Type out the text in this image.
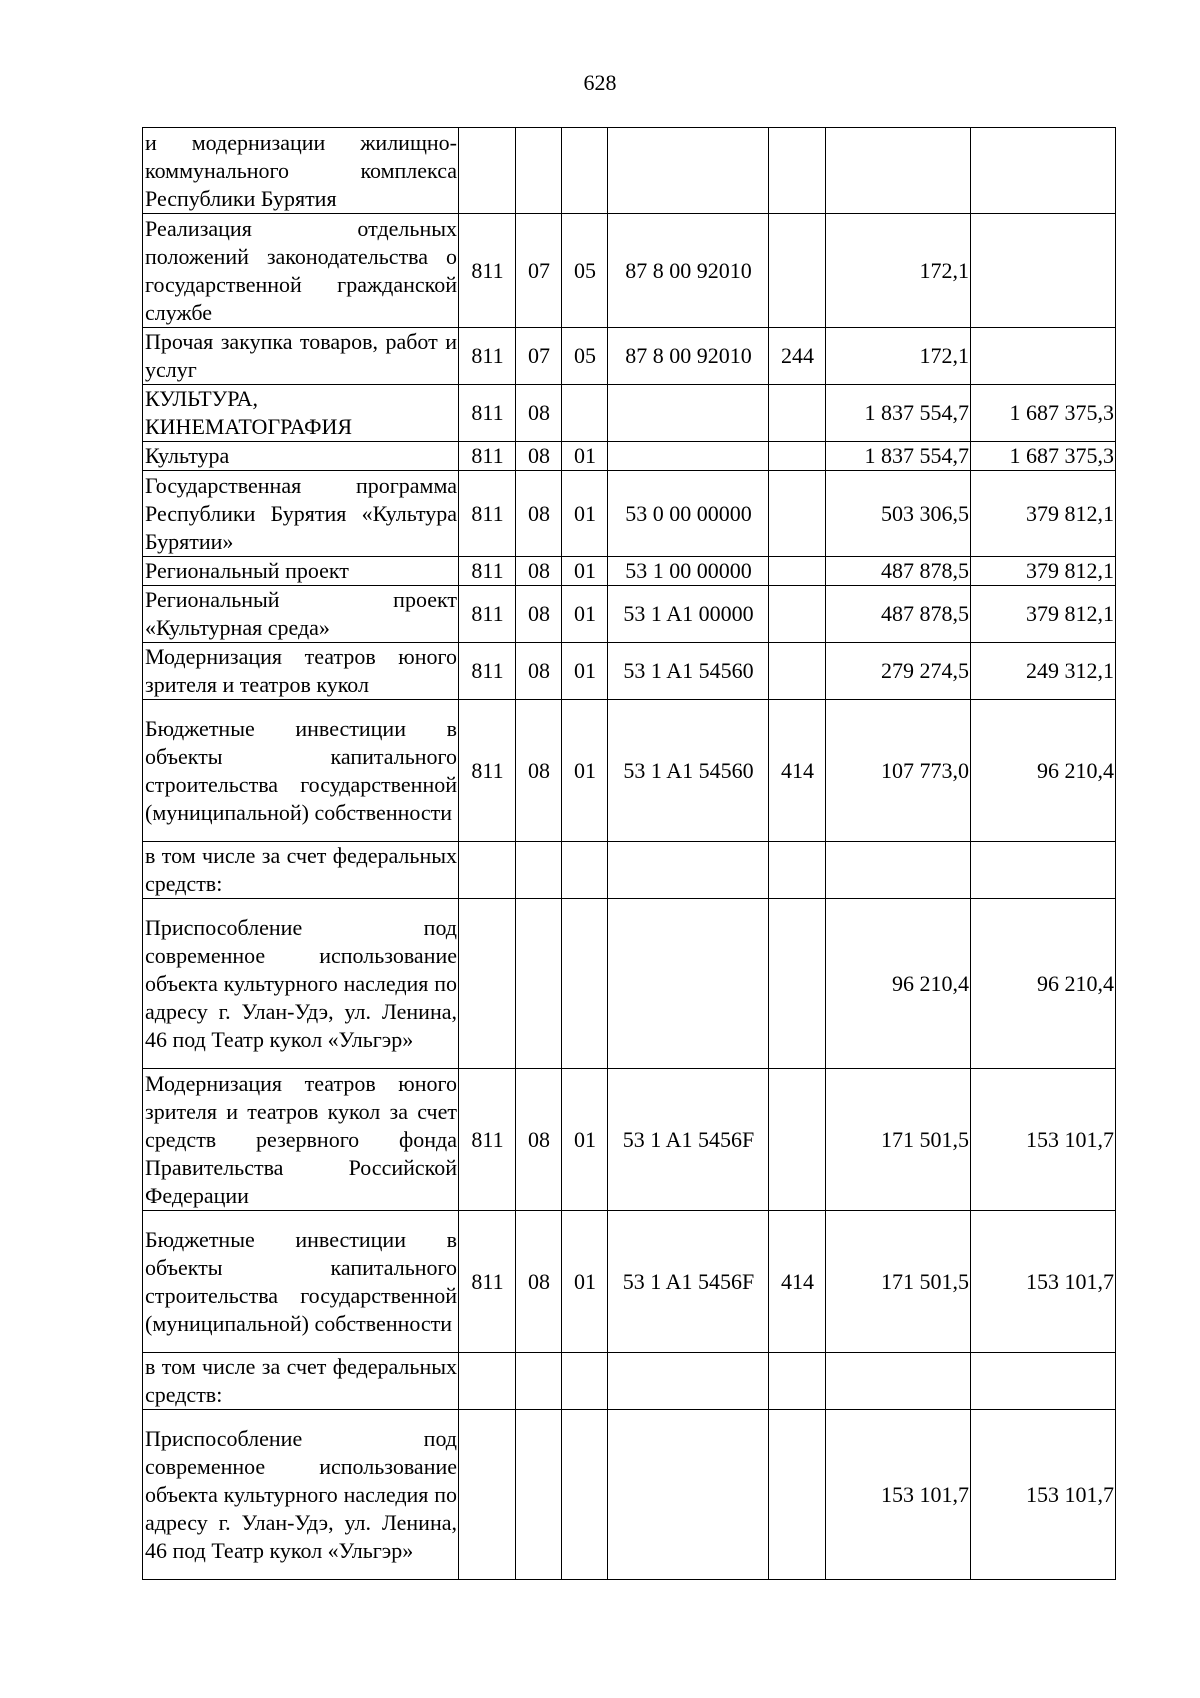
628
и модернизации жилищно-коммунального комплекса Республики Бурятия							
Реализация отдельных положений законодательства о государственной гражданской службе	811	07	05	87 8 00 92010		172,1	
Прочая закупка товаров, работ и услуг	811	07	05	87 8 00 92010	244	172,1	
КУЛЬТУРА, КИНЕМАТОГРАФИЯ	811	08				1 837 554,7	1 687 375,3
Культура	811	08	01			1 837 554,7	1 687 375,3
Государственная программа Республики Бурятия «Культура Бурятии»	811	08	01	53 0 00 00000		503 306,5	379 812,1
Региональный проект	811	08	01	53 1 00 00000		487 878,5	379 812,1
Региональный проект «Культурная среда»	811	08	01	53 1 A1 00000		487 878,5	379 812,1
Модернизация театров юного зрителя и театров кукол	811	08	01	53 1 A1 54560		279 274,5	249 312,1
Бюджетные инвестиции в объекты капитального строительства государственной (муниципальной) собственности	811	08	01	53 1 A1 54560	414	107 773,0	96 210,4
в том числе за счет федеральных средств:							
Приспособление под современное использование объекта культурного наследия по адресу г. Улан-Удэ, ул. Ленина, 46 под Театр кукол «Ульгэр»						96 210,4	96 210,4
Модернизация театров юного зрителя и театров кукол за счет средств резервного фонда Правительства Российской Федерации	811	08	01	53 1 A1 5456F		171 501,5	153 101,7
Бюджетные инвестиции в объекты капитального строительства государственной (муниципальной) собственности	811	08	01	53 1 A1 5456F	414	171 501,5	153 101,7
в том числе за счет федеральных средств:							
Приспособление под современное использование объекта культурного наследия по адресу г. Улан-Удэ, ул. Ленина, 46 под Театр кукол «Ульгэр»						153 101,7	153 101,7
